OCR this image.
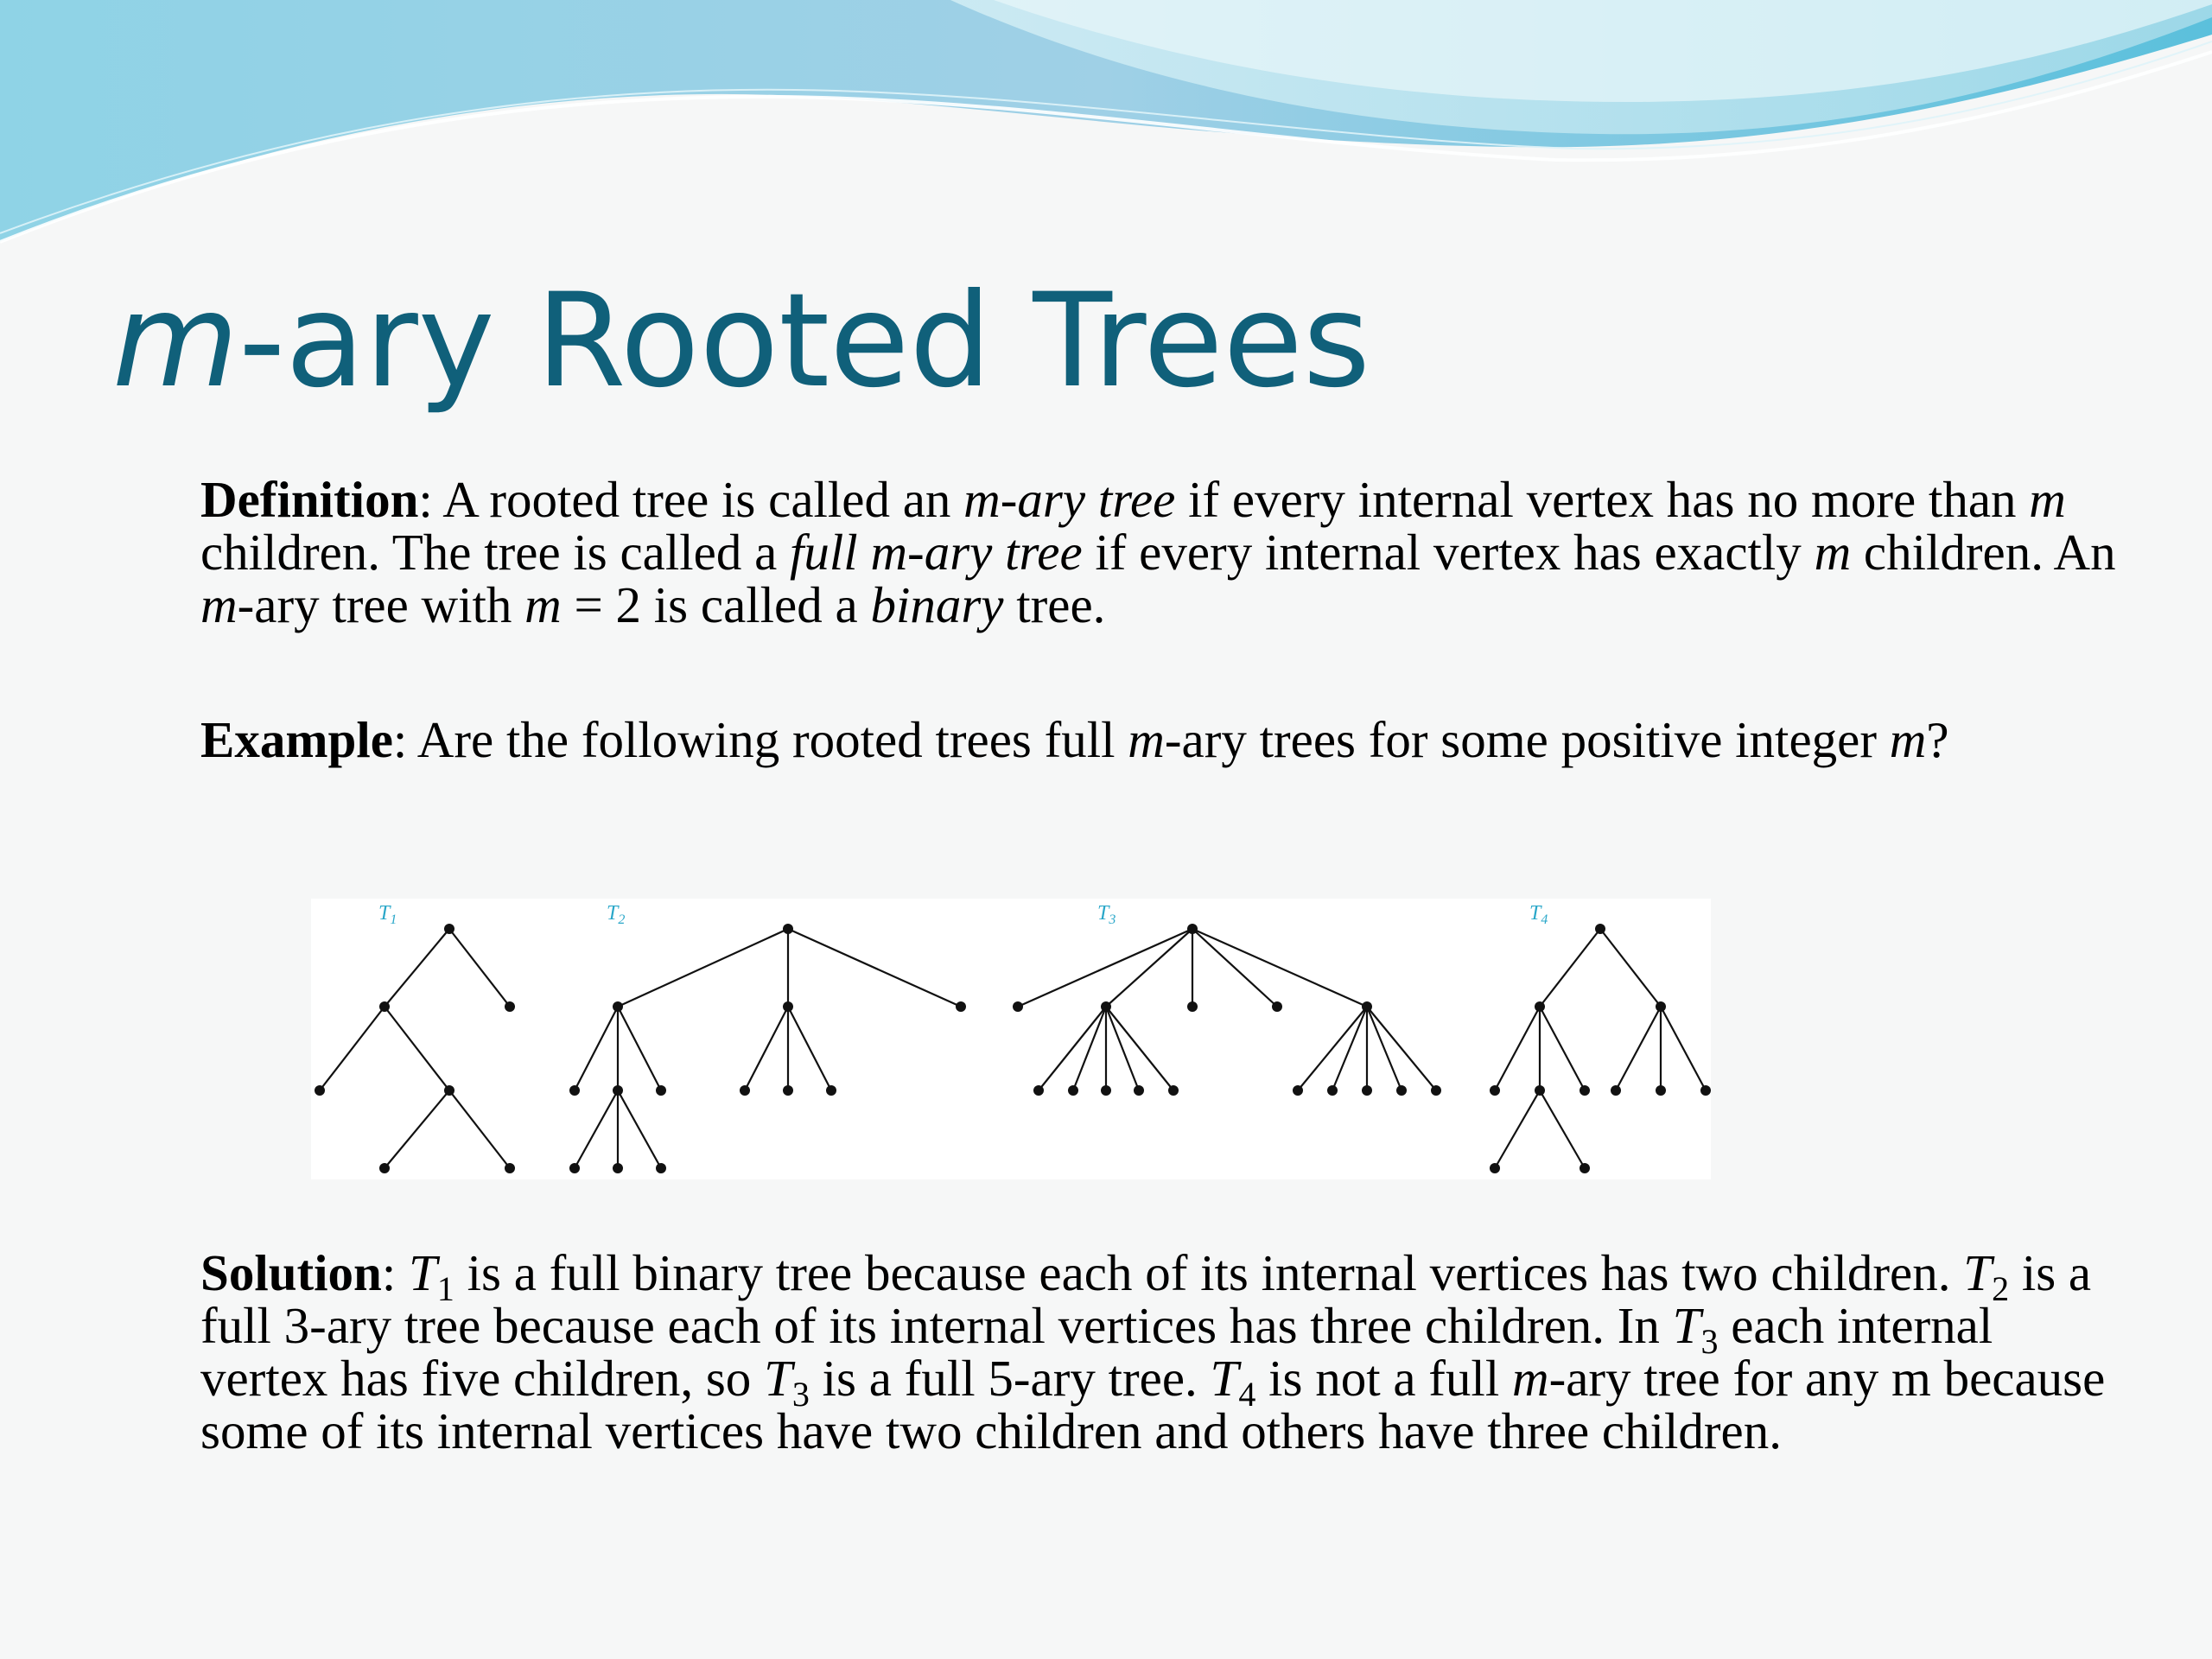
m-ary Rooted Trees

Definition: A rooted tree is called an m-ary tree if every internal vertex has no more than m children. The tree is called a full m-ary tree if every internal vertex has exactly m children. An m-ary tree with m = 2 is called a binary tree.

Example: Are the following rooted trees full m-ary trees for some positive integer m?

$T_1$	$T_2$	$T_3$	$T_4$

Solution: $T_1$ is a full binary tree because each of its internal vertices has two children. $T_2$ is a full 3-ary tree because each of its internal vertices has three children. In $T_3$ each internal vertex has five children, so $T_3$ is a full 5-ary tree. $T_4$ is not a full m-ary tree for any m because some of its internal vertices have two children and others have three children.
